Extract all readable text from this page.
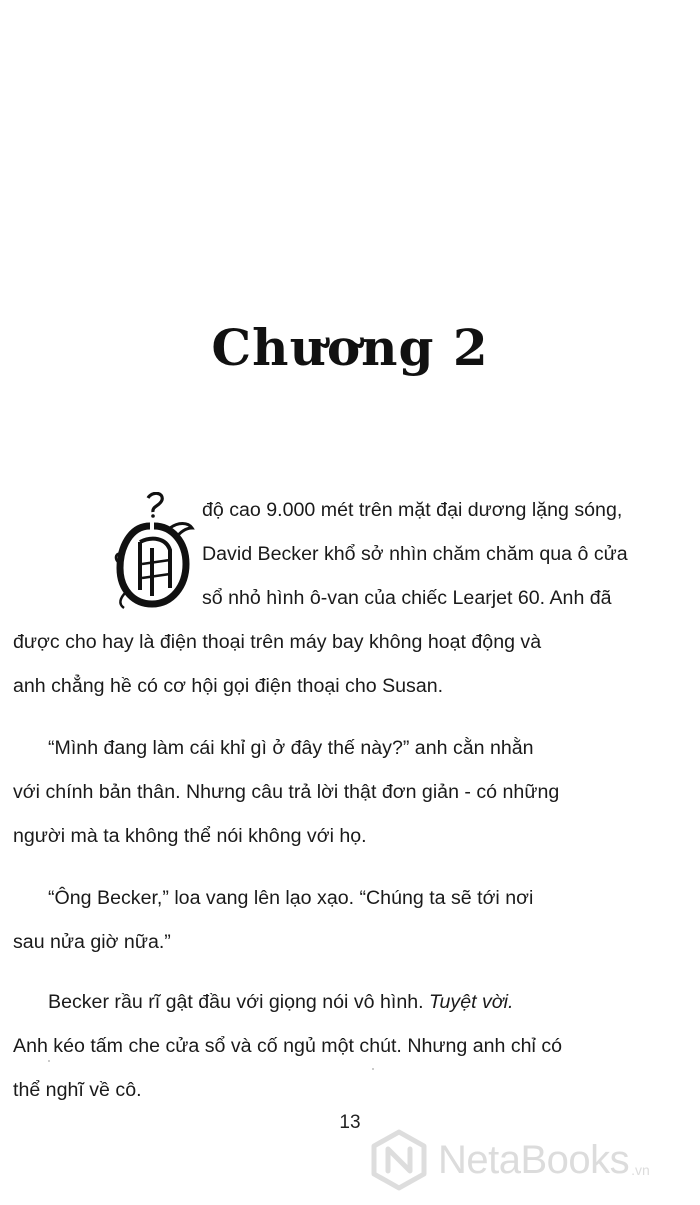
Chương 2

độ cao 9.000 mét trên mặt đại dương lặng sóng,
David Becker khổ sở nhìn chăm chăm qua ô cửa
sổ nhỏ hình ô-van của chiếc Learjet 60. Anh đã
được cho hay là điện thoại trên máy bay không hoạt động và
anh chẳng hề có cơ hội gọi điện thoại cho Susan.

“Mình đang làm cái khỉ gì ở đây thế này?” anh cằn nhằn
với chính bản thân. Nhưng câu trả lời thật đơn giản - có những
người mà ta không thể nói không với họ.

“Ông Becker,” loa vang lên lạo xạo. “Chúng ta sẽ tới nơi
sau nửa giờ nữa.”

Becker rầu rĩ gật đầu với giọng nói vô hình. Tuyệt vời.
Anh kéo tấm che cửa sổ và cố ngủ một chút. Nhưng anh chỉ có
thể nghĩ về cô.

13
NetaBooks .vn
